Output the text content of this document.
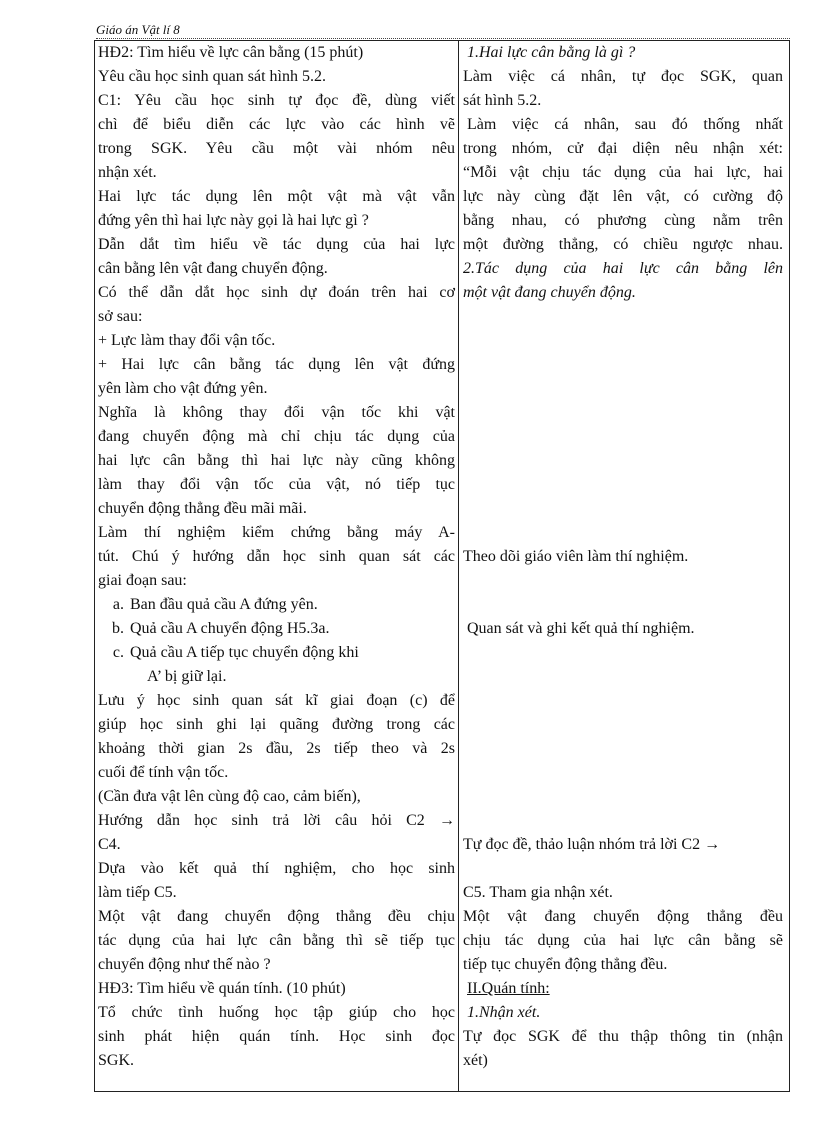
Giáo án Vật lí 8
HĐ2: Tìm hiểu về lực cân bằng (15 phút)
Yêu cầu học sinh quan sát hình 5.2.
C1: Yêu cầu học sinh tự đọc đề, dùng viết
chì để biểu diễn các lực vào các hình vẽ
trong SGK. Yêu cầu một vài nhóm nêu
nhận xét.
Hai lực tác dụng lên một vật mà vật vẫn
đứng yên thì hai lực này gọi là hai lực gì ?
Dẫn dắt tìm hiểu về tác dụng của hai lực
cân bằng lên vật đang chuyển động.
Có thể dẫn dắt học sinh dự đoán trên hai cơ
sở sau:
+ Lực làm thay đổi vận tốc.
+ Hai lực cân bằng tác dụng lên vật đứng
yên làm cho vật đứng yên.
Nghĩa là không thay đổi vận tốc khi vật
đang chuyển động mà chỉ chịu tác dụng của
hai lực cân bằng thì hai lực này cũng không
làm thay đổi vận tốc của vật, nó tiếp tục
chuyển động thẳng đều mãi mãi.
Làm thí nghiệm kiểm chứng bằng máy A-
tút. Chú ý hướng dẫn học sinh quan sát các
giai đoạn sau:
a. Ban đầu quả cầu A đứng yên.
b. Quả cầu A chuyển động H5.3a.
c. Quả cầu A tiếp tục chuyển động khi
A’ bị giữ lại.
Lưu ý học sinh quan sát kĩ giai đoạn (c) để
giúp học sinh ghi lại quãng đường trong các
khoảng thời gian 2s đầu, 2s tiếp theo và 2s
cuối để tính vận tốc.
(Cần đưa vật lên cùng độ cao, cảm biến),
Hướng dẫn học sinh trả lời câu hỏi C2 →
C4.
Dựa vào kết quả thí nghiệm, cho học sinh
làm tiếp C5.
Một vật đang chuyển động thẳng đều chịu
tác dụng của hai lực cân bằng thì sẽ tiếp tục
chuyển động như thế nào ?
HĐ3: Tìm hiểu về quán tính. (10 phút)
Tổ chức tình huống học tập giúp cho học
sinh phát hiện quán tính. Học sinh đọc
SGK.
1.Hai lực cân bằng là gì ?
Làm việc cá nhân, tự đọc SGK, quan
sát hình 5.2.
Làm việc cá nhân, sau đó thống nhất
trong nhóm, cử đại diện nêu nhận xét:
“Mỗi vật chịu tác dụng của hai lực, hai
lực này cùng đặt lên vật, có cường độ
bằng nhau, có phương cùng nằm trên
một đường thẳng, có chiều ngược nhau.
2.Tác dụng của hai lực cân bằng lên
một vật đang chuyển động.
Theo dõi giáo viên làm thí nghiệm.
Quan sát và ghi kết quả thí nghiệm.
Tự đọc đề, thảo luận nhóm trả lời C2 →
C5. Tham gia nhận xét.
Một vật đang chuyển động thẳng đều
chịu tác dụng của hai lực cân bằng sẽ
tiếp tục chuyển động thẳng đều.
II.Quán tính:
1.Nhận xét.
Tự đọc SGK để thu thập thông tin (nhận
xét)
